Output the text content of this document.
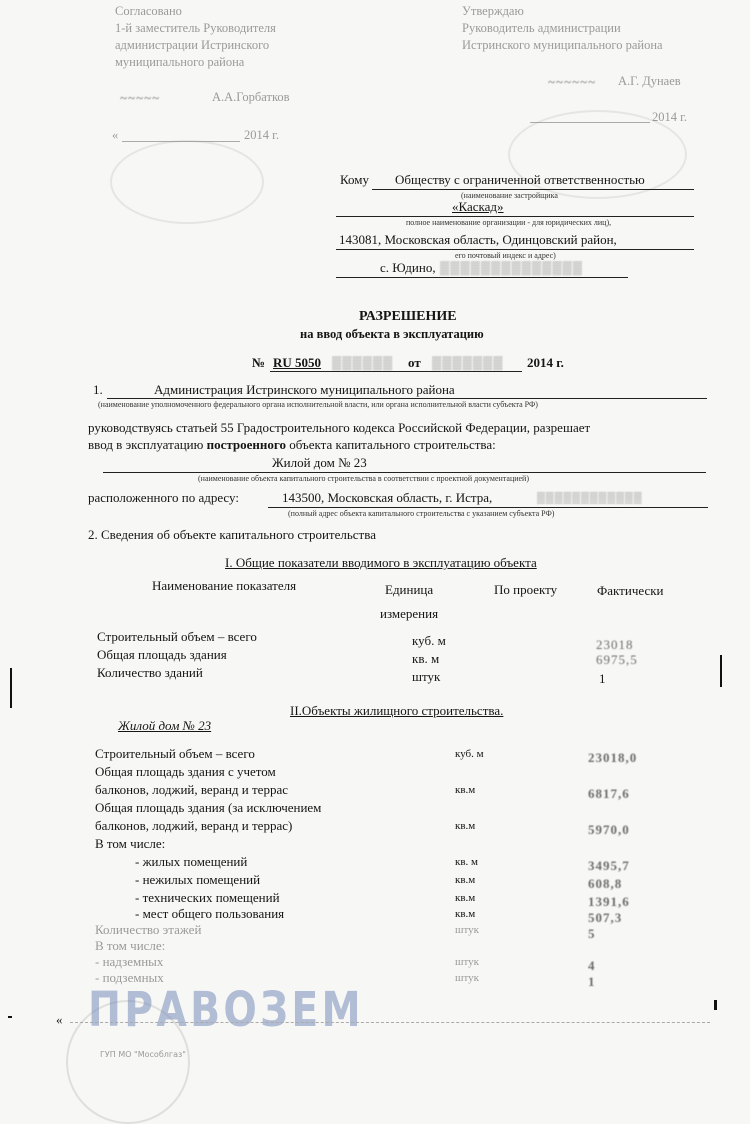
Согласовано
1-й заместитель Руководителя
администрации Истринского
муниципального района
~~~~~	А.А.Горбатков
«	2014 г.
Утверждаю
Руководитель администрации
Истринского муниципального района
~~~~~~ А.Г. Дунаев
2014 г.
Кому Обществу с ограниченной ответственностью
(наименование застройщика
«Каскад»
полное наименование организации - для юридических лиц),
143081, Московская область, Одинцовский район,
его почтовый индекс и адрес)
с. Юдино, ▒▒▒▒▒▒▒▒▒▒▒▒▒▒
РАЗРЕШЕНИЕ
на ввод объекта в эксплуатацию
№ RU 5050 ▒▒▒▒▒▒ от ▒▒▒▒▒▒▒ 2014 г.
1.	Администрация Истринского муниципального района
(наименование уполномоченного федерального органа исполнительной власти, или органа исполнительной власти субъекта РФ)
руководствуясь статьей 55 Градостроительного кодекса Российской Федерации, разрешает
ввод в эксплуатацию построенного объекта капитального строительства:
Жилой дом № 23
(наименование объекта капитального строительства в соответствии с проектной документацией)
расположенного по адресу:	143500, Московская область, г. Истра,	▒▒▒▒▒▒▒▒▒▒▒▒
(полный адрес объекта капитального строительства с указанием субъекта РФ)
2. Сведения об объекте капитального строительства
I. Общие показатели вводимого в эксплуатацию объекта
Наименование показателя	Единица
измерения
По проекту	Фактически
Строительный объем – всего	куб. м	23018
Общая площадь здания	кв. м	6975,5
Количество зданий	штук	1
II.Объекты жилищного строительства.
Жилой дом № 23
Строительный объем – всего	куб. м	23018,0
Общая площадь здания с учетом
балконов, лоджий, веранд и террас	кв.м	6817,6
Общая площадь здания (за исключением
балконов, лоджий, веранд и террас)	кв.м	5970,0
В том числе:
- жилых помещений	кв. м	3495,7
- нежилых помещений	кв.м	608,8
- технических помещений	кв.м	1391,6
- мест общего пользования	кв.м	507,3
Количество этажей	штук	5
В том числе:
- надземных	штук	4
- подземных	штук	1
ГУП МО "Мособлгаз"
ПРАВОЗЕМ
«
